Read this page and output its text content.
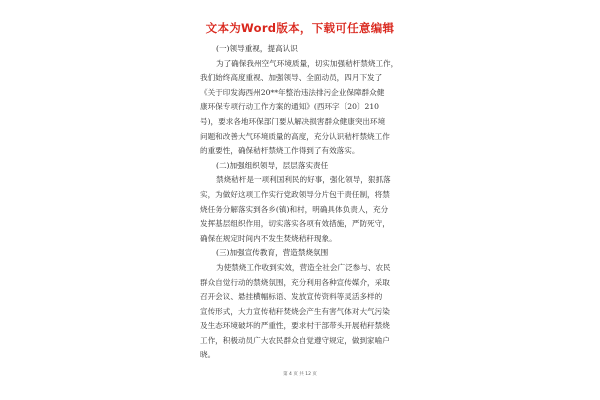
文本为Word版本，下载可任意编辑
(一)领导重视，提高认识
为了确保我州空气环境质量，切实加强秸杆禁烧工作，
我们始终高度重视、加强领导、全面动员，四月下发了
《关于印发海西州20**年整治违法排污企业保障群众健
康环保专项行动工作方案的通知》(西环字〔20〕210
号)，要求各地环保部门要从解决损害群众健康突出环境
问题和改善大气环境质量的高度，充分认识秸杆禁烧工作
的重要性，确保秸杆禁烧工作得到了有效落实。
(二)加强组织领导，层层落实责任
禁烧秸杆是一项利国利民的好事，强化领导，狠抓落
实，为做好这项工作实行党政领导分片包干责任制，将禁
烧任务分解落实到各乡(镇)和村，明确具体负责人，充分
发挥基层组织作用，切实落实各项有效措施，严防死守，
确保在规定时间内不发生焚烧秸秆现象。
(三)加强宣传教育，营造禁烧氛围
为使禁烧工作收到实效，营造全社会广泛参与、农民
群众自觉行动的禁烧氛围，充分利用各种宣传媒介，采取
召开会议、悬挂横幅标语、发放宣传资料等灵活多样的
宣传形式，大力宣传秸秆焚烧会产生有害气体对大气污染
及生态环境破坏的严重性，要求村干部带头开展秸秆禁烧
工作，积极动员广大农民群众自觉遵守规定，做到家喻户
晓。
第 4 页 共 12 页
